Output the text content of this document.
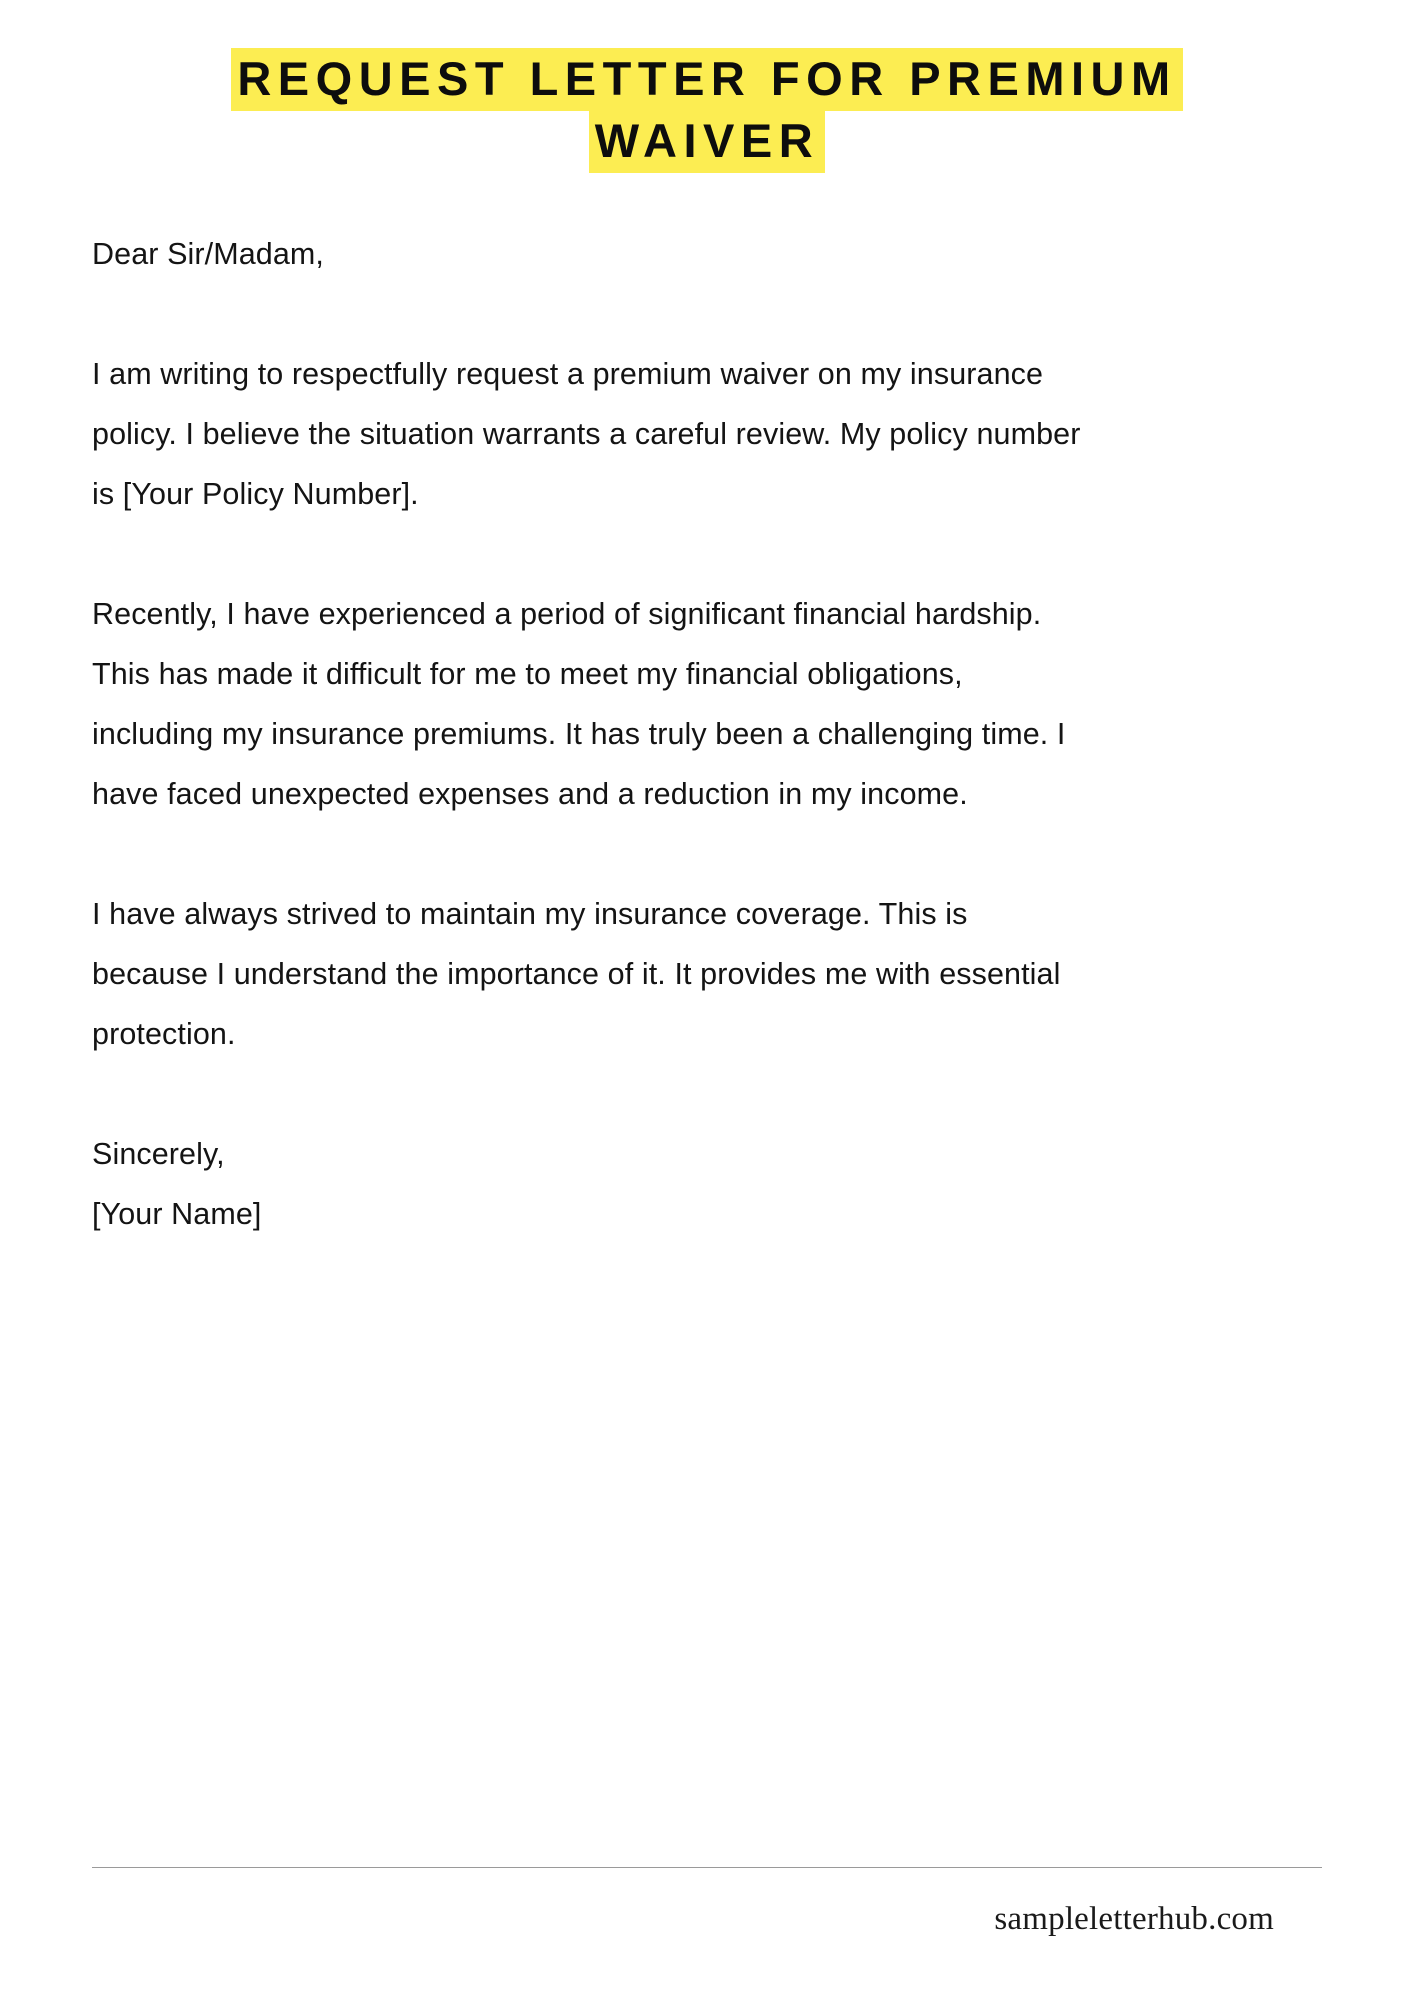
REQUEST LETTER FOR PREMIUM
WAIVER
Dear Sir/Madam,

I am writing to respectfully request a premium waiver on my insurance policy. I believe the situation warrants a careful review. My policy number is [Your Policy Number].

Recently, I have experienced a period of significant financial hardship. This has made it difficult for me to meet my financial obligations, including my insurance premiums. It has truly been a challenging time. I have faced unexpected expenses and a reduction in my income.

I have always strived to maintain my insurance coverage. This is because I understand the importance of it. It provides me with essential protection.

Sincerely,
[Your Name]
sampleletterhub.com
